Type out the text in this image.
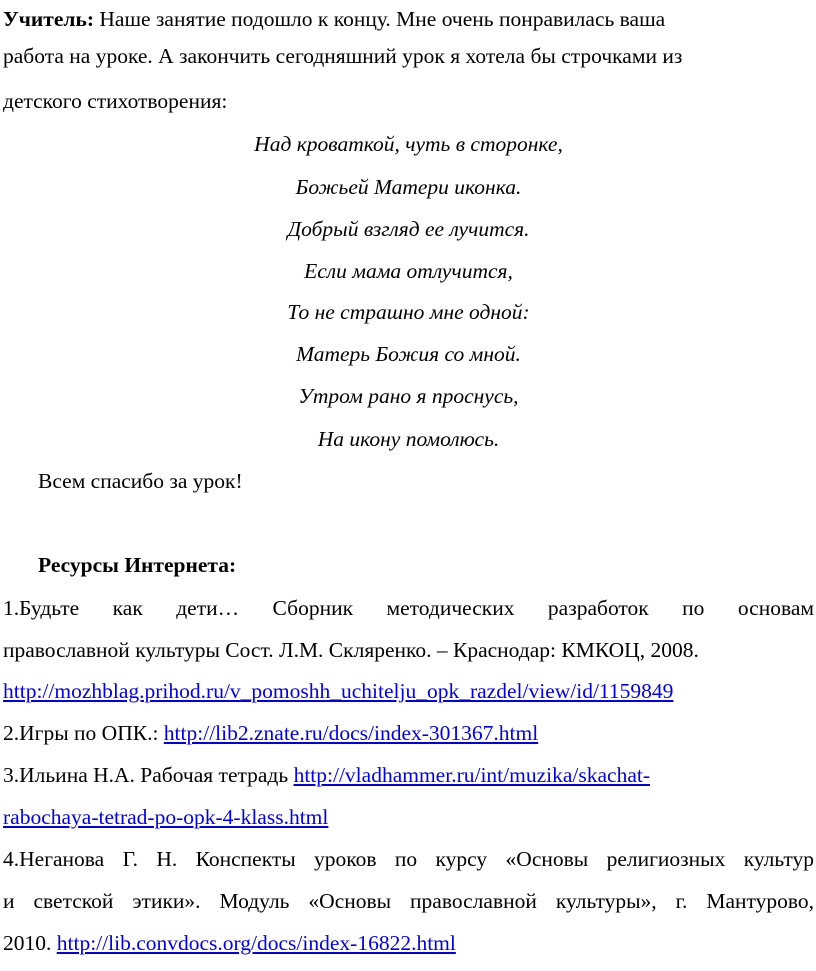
Учитель: Наше занятие подошло к концу. Мне очень понравилась ваша
работа на уроке. А закончить сегодняшний урок я хотела бы строчками из
детского стихотворения:
Над кроваткой, чуть в сторонке,
Божьей Матери иконка.
Добрый взгляд ее лучится.
Если мама отлучится,
То не страшно мне одной:
Матерь Божия со мной.
Утром рано я проснусь,
На икону помолюсь.
Всем спасибо за урок!
Ресурсы Интернета:
1.Будьте как дети… Сборник методических разработок по основам
православной культуры Сост. Л.М. Скляренко. – Краснодар: КМКОЦ, 2008.
http://mozhblag.prihod.ru/v_pomoshh_uchitelju_opk_razdel/view/id/1159849
2.Игры по ОПК.: http://lib2.znate.ru/docs/index-301367.html
3.Ильина Н.А. Рабочая тетрадь http://vladhammer.ru/int/muzika/skachat-
rabochaya-tetrad-po-opk-4-klass.html
4.Неганова Г. Н. Конспекты уроков по курсу «Основы религиозных культур
и светской этики». Модуль «Основы православной культуры», г. Мантурово,
2010. http://lib.convdocs.org/docs/index-16822.html
